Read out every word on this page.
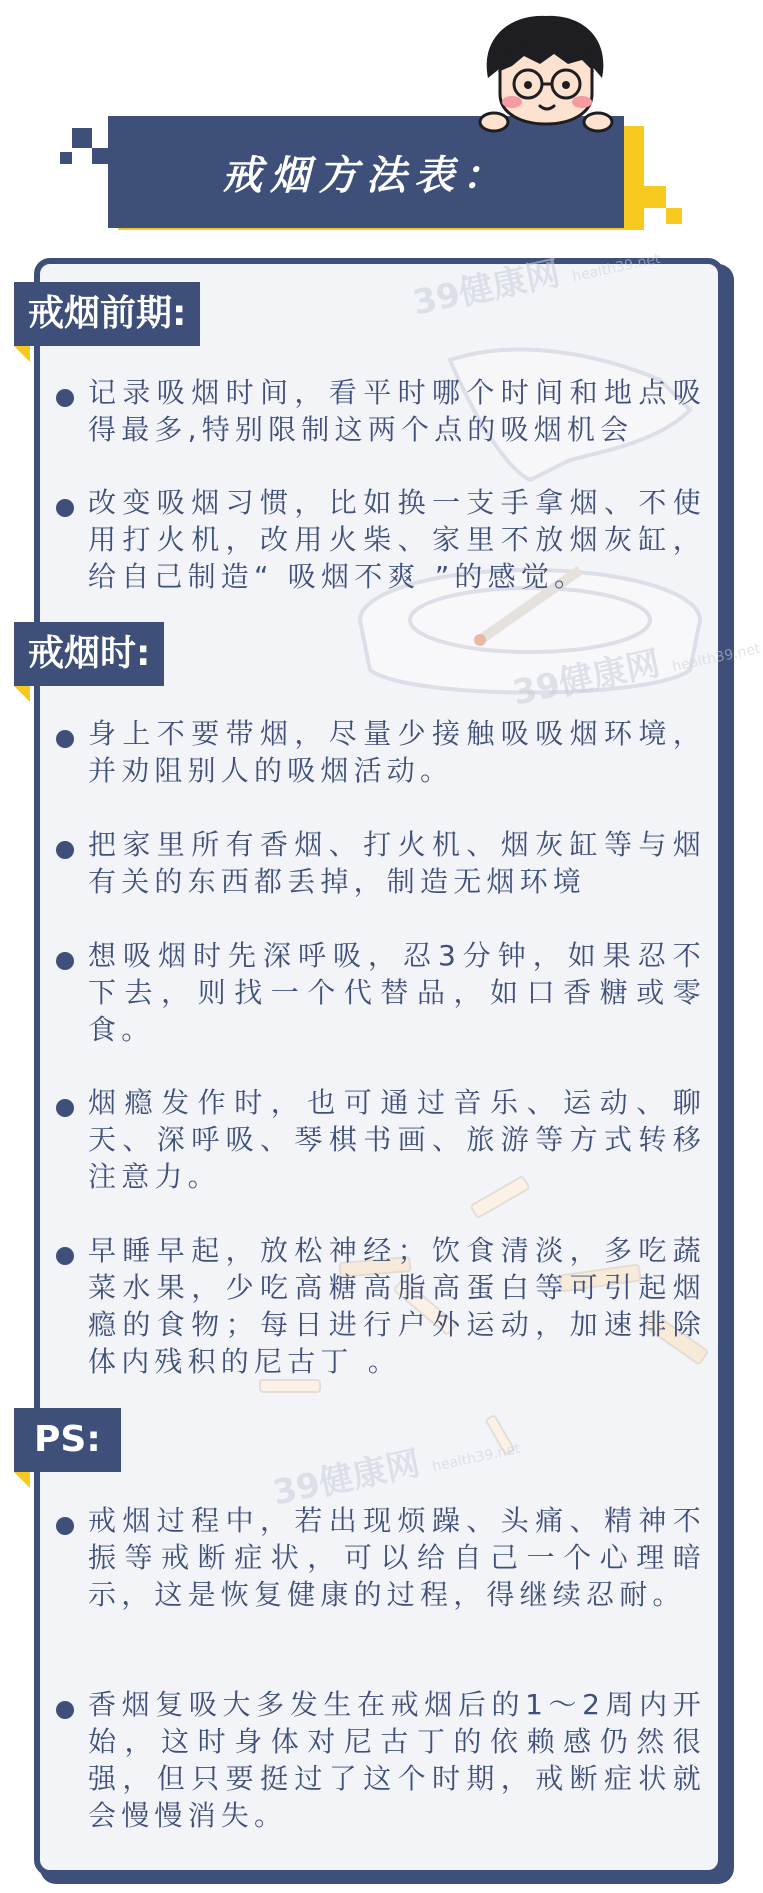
戒烟方法表：
39健康网 health39.net
39健康网 health39.net
39健康网 health39.net
戒烟前期:
记录吸烟时间，看平时哪个时间和地点吸得最多,特别限制这两个点的吸烟机会
改变吸烟习惯，比如换一支手拿烟、不使用打火机，改用火柴、家里不放烟灰缸，给自己制造“ 吸烟不爽 ”的感觉。
戒烟时:
身上不要带烟，尽量少接触吸吸烟环境，并劝阻别人的吸烟活动。
把家里所有香烟、打火机、烟灰缸等与烟有关的东西都丢掉，制造无烟环境
想吸烟时先深呼吸，忍3分钟，如果忍不下去，则找一个代替品，如口香糖或零食。
烟瘾发作时，也可通过音乐、运动、聊天、深呼吸、琴棋书画、旅游等方式转移注意力。
早睡早起，放松神经；饮食清淡，多吃蔬菜水果，少吃高糖高脂高蛋白等可引起烟瘾的食物；每日进行户外运动，加速排除体内残积的尼古丁 。
PS:
戒烟过程中，若出现烦躁、头痛、精神不振等戒断症状，可以给自己一个心理暗示，这是恢复健康的过程，得继续忍耐。
香烟复吸大多发生在戒烟后的1～2周内开始，这时身体对尼古丁的依赖感仍然很强，但只要挺过了这个时期，戒断症状就会慢慢消失。
